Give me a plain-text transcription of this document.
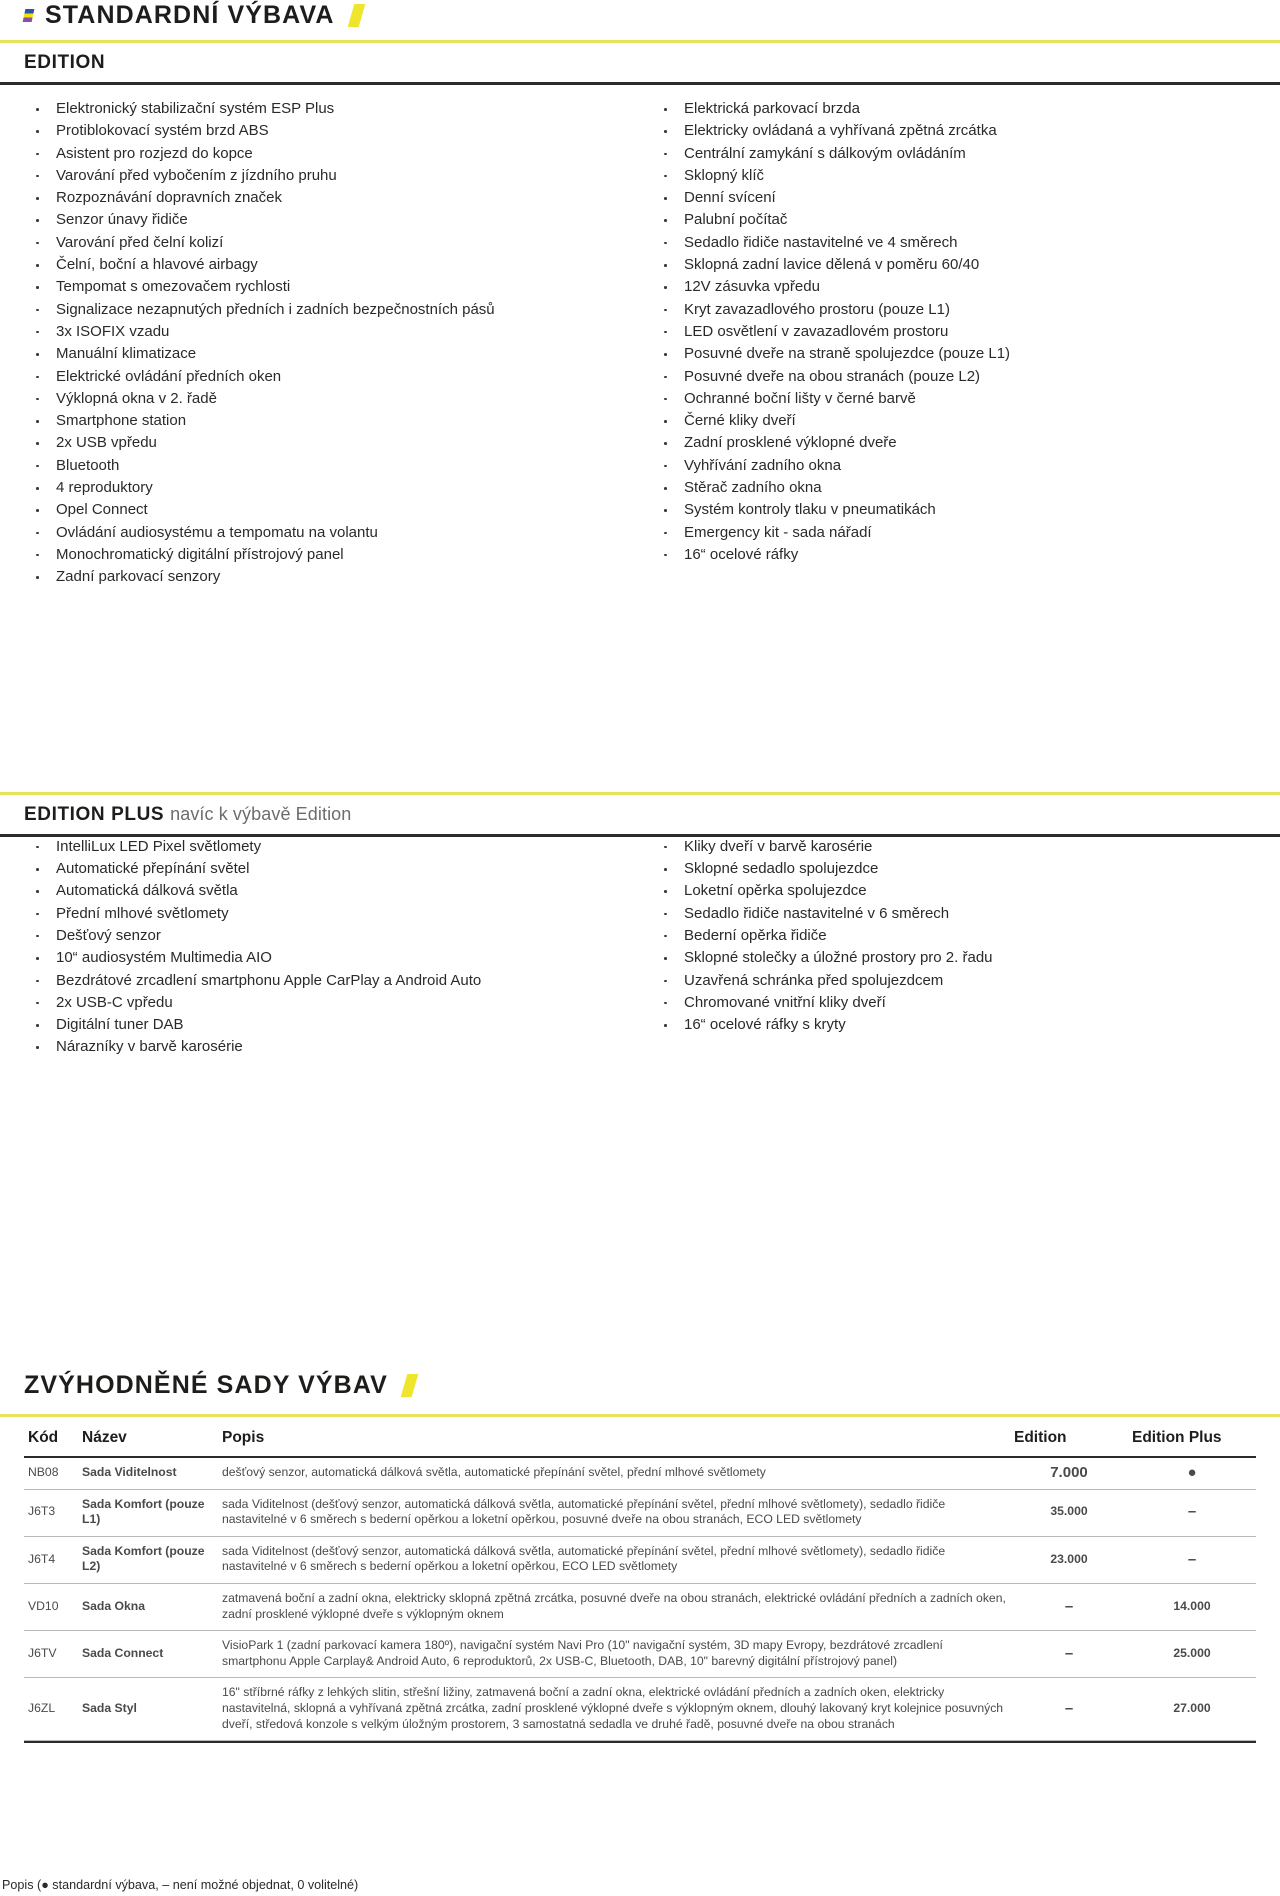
STANDARDNÍ VÝBAVA
EDITION
Elektronický stabilizační systém ESP Plus
Protiblokovací systém brzd ABS
Asistent pro rozjezd do kopce
Varování před vybočením z jízdního pruhu
Rozpoznávání dopravních značek
Senzor únavy řidiče
Varování před čelní kolizí
Čelní, boční a hlavové airbagy
Tempomat s omezovačem rychlosti
Signalizace nezapnutých předních i zadních bezpečnostních pásů
3x ISOFIX vzadu
Manuální klimatizace
Elektrické ovládání předních oken
Výklopná okna v 2. řadě
Smartphone station
2x USB vpředu
Bluetooth
4 reproduktory
Opel Connect
Ovládání audiosystému a tempomatu na volantu
Monochromatický digitální přístrojový panel
Zadní parkovací senzory
Elektrická parkovací brzda
Elektricky ovládaná a vyhřívaná zpětná zrcátka
Centrální zamykání s dálkovým ovládáním
Sklopný klíč
Denní svícení
Palubní počítač
Sedadlo řidiče nastavitelné ve 4 směrech
Sklopná zadní lavice dělená v poměru 60/40
12V zásuvka vpředu
Kryt zavazadlového prostoru (pouze L1)
LED osvětlení v zavazadlovém prostoru
Posuvné dveře na straně spolujezdce (pouze L1)
Posuvné dveře na obou stranách (pouze L2)
Ochranné boční lišty v černé barvě
Černé kliky dveří
Zadní prosklené výklopné dveře
Vyhřívání zadního okna
Stěrač zadního okna
Systém kontroly tlaku v pneumatikách
Emergency kit - sada nářadí
16“ ocelové ráfky
EDITION PLUS navíc k výbavě Edition
IntelliLux LED Pixel světlomety
Automatické přepínání světel
Automatická dálková světla
Přední mlhové světlomety
Dešťový senzor
10“ audiosystém Multimedia AIO
Bezdrátové zrcadlení smartphonu Apple CarPlay a Android Auto
2x USB-C vpředu
Digitální tuner DAB
Nárazníky v barvě karosérie
Kliky dveří v barvě karosérie
Sklopné sedadlo spolujezdce
Loketní opěrka spolujezdce
Sedadlo řidiče nastavitelné v 6 směrech
Bederní opěrka řidiče
Sklopné stolečky a úložné prostory pro 2. řadu
Uzavřená schránka před spolujezdcem
Chromované vnitřní kliky dveří
16“ ocelové ráfky s kryty
ZVÝHODNĚNÉ SADY VÝBAV
Kód	Název	Popis	Edition	Edition Plus
NB08	Sada Viditelnost	dešťový senzor, automatická dálková světla, automatické přepínání světel, přední mlhové světlomety	7.000	●
J6T3	Sada Komfort (pouze L1)	sada Viditelnost (dešťový senzor, automatická dálková světla, automatické přepínání světel, přední mlhové světlomety), sedadlo řidiče nastavitelné v 6 směrech s bederní opěrkou a loketní opěrkou, posuvné dveře na obou stranách, ECO LED světlomety	35.000	–
J6T4	Sada Komfort (pouze L2)	sada Viditelnost (dešťový senzor, automatická dálková světla, automatické přepínání světel, přední mlhové světlomety), sedadlo řidiče nastavitelné v 6 směrech s bederní opěrkou a loketní opěrkou, ECO LED světlomety	23.000	–
VD10	Sada Okna	zatmavená boční a zadní okna, elektricky sklopná zpětná zrcátka, posuvné dveře na obou stranách, elektrické ovládání předních a zadních oken, zadní prosklené výklopné dveře s výklopným oknem	–	14.000
J6TV	Sada Connect	VisioPark 1 (zadní parkovací kamera 180º), navigační systém Navi Pro (10" navigační systém, 3D mapy Evropy, bezdrátové zrcadlení smartphonu Apple Carplay& Android Auto, 6 reproduktorů, 2x USB-C, Bluetooth, DAB, 10" barevný digitální přístrojový panel)	–	25.000
J6ZL	Sada Styl	16" stříbrné ráfky z lehkých slitin, střešní ližiny, zatmavená boční a zadní okna, elektrické ovládání předních a zadních oken, elektricky nastavitelná, sklopná a vyhřívaná zpětná zrcátka, zadní prosklené výklopné dveře s výklopným oknem, dlouhý lakovaný kryt kolejnice posuvných dveří, středová konzole s velkým úložným prostorem, 3 samostatná sedadla ve druhé řadě, posuvné dveře na obou stranách	–	27.000
Popis (● standardní výbava, – není možné objednat, 0 volitelné)
